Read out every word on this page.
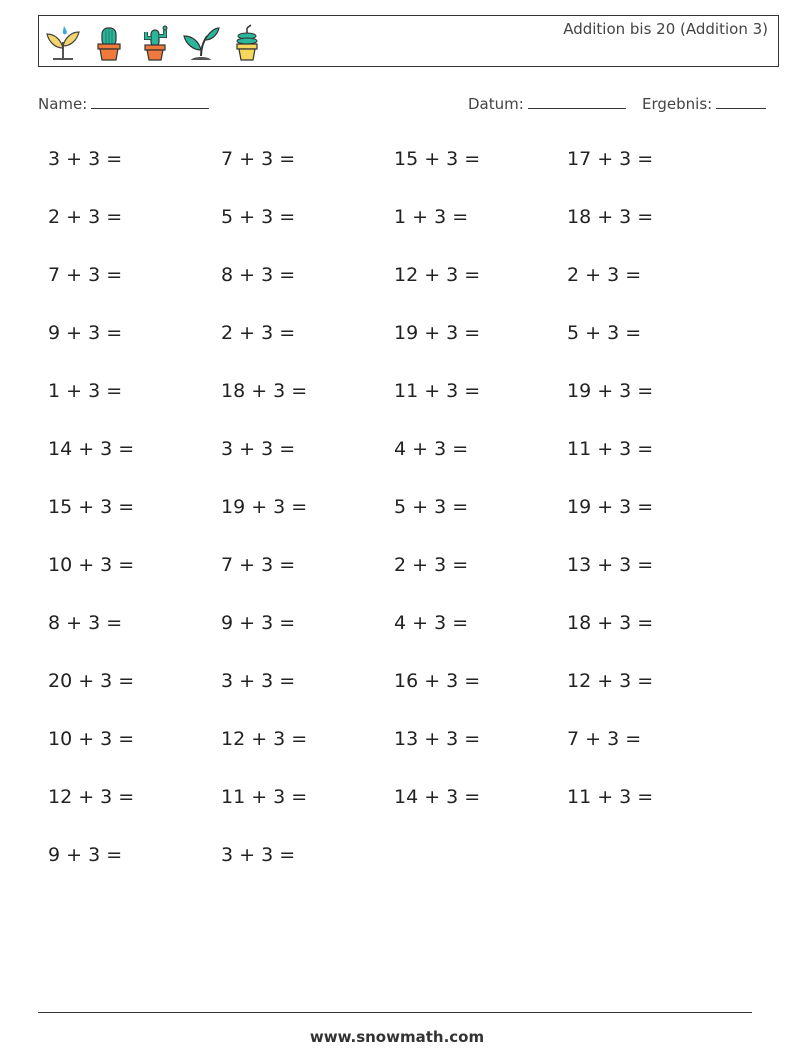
Addition bis 20 (Addition 3)
Name:	Datum:	Ergebnis:
3 + 3 =	7 + 3 =	15 + 3 =	17 + 3 =
2 + 3 =	5 + 3 =	1 + 3 =	18 + 3 =
7 + 3 =	8 + 3 =	12 + 3 =	2 + 3 =
9 + 3 =	2 + 3 =	19 + 3 =	5 + 3 =
1 + 3 =	18 + 3 =	11 + 3 =	19 + 3 =
14 + 3 =	3 + 3 =	4 + 3 =	11 + 3 =
15 + 3 =	19 + 3 =	5 + 3 =	19 + 3 =
10 + 3 =	7 + 3 =	2 + 3 =	13 + 3 =
8 + 3 =	9 + 3 =	4 + 3 =	18 + 3 =
20 + 3 =	3 + 3 =	16 + 3 =	12 + 3 =
10 + 3 =	12 + 3 =	13 + 3 =	7 + 3 =
12 + 3 =	11 + 3 =	14 + 3 =	11 + 3 =
9 + 3 =	3 + 3 =
www.snowmath.com
